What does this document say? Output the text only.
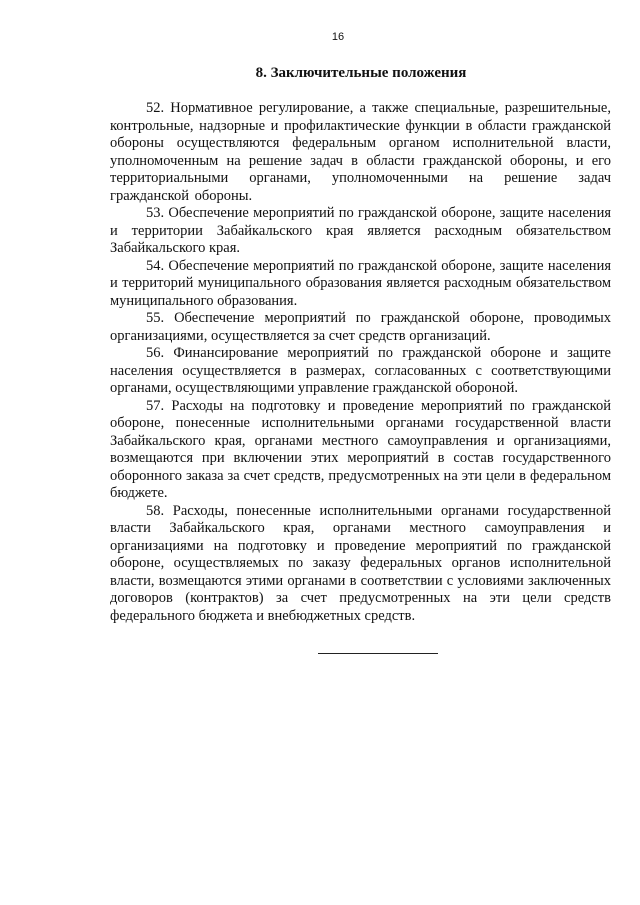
16
8. Заключительные положения

52. Нормативное регулирование, а также специальные, разрешительные, контрольные, надзорные и профилактические функции в области гражданской обороны осуществляются федеральным органом исполнительной власти, уполномоченным на решение задач в области гражданской обороны, и его территориальными органами, уполномоченными на решение задач гражданской обороны.

53. Обеспечение мероприятий по гражданской обороне, защите населения и территории Забайкальского края является расходным обязательством Забайкальского края.

54. Обеспечение мероприятий по гражданской обороне, защите населения и территорий муниципального образования является расходным обязательством муниципального образования.

55. Обеспечение мероприятий по гражданской обороне, проводимых организациями, осуществляется за счет средств организаций.

56. Финансирование мероприятий по гражданской обороне и защите населения осуществляется в размерах, согласованных с соответствующими органами, осуществляющими управление гражданской обороной.

57. Расходы на подготовку и проведение мероприятий по гражданской обороне, понесенные исполнительными органами государственной власти Забайкальского края, органами местного самоуправления и организациями, возмещаются при включении этих мероприятий в состав государственного оборонного заказа за счет средств, предусмотренных на эти цели в федеральном бюджете.

58. Расходы, понесенные исполнительными органами государственной власти Забайкальского края, органами местного самоуправления и организациями на подготовку и проведение мероприятий по гражданской обороне, осуществляемых по заказу федеральных органов исполнительной власти, возмещаются этими органами в соответствии с условиями заключенных договоров (контрактов) за счет предусмотренных на эти цели средств федерального бюджета и внебюджетных средств.
